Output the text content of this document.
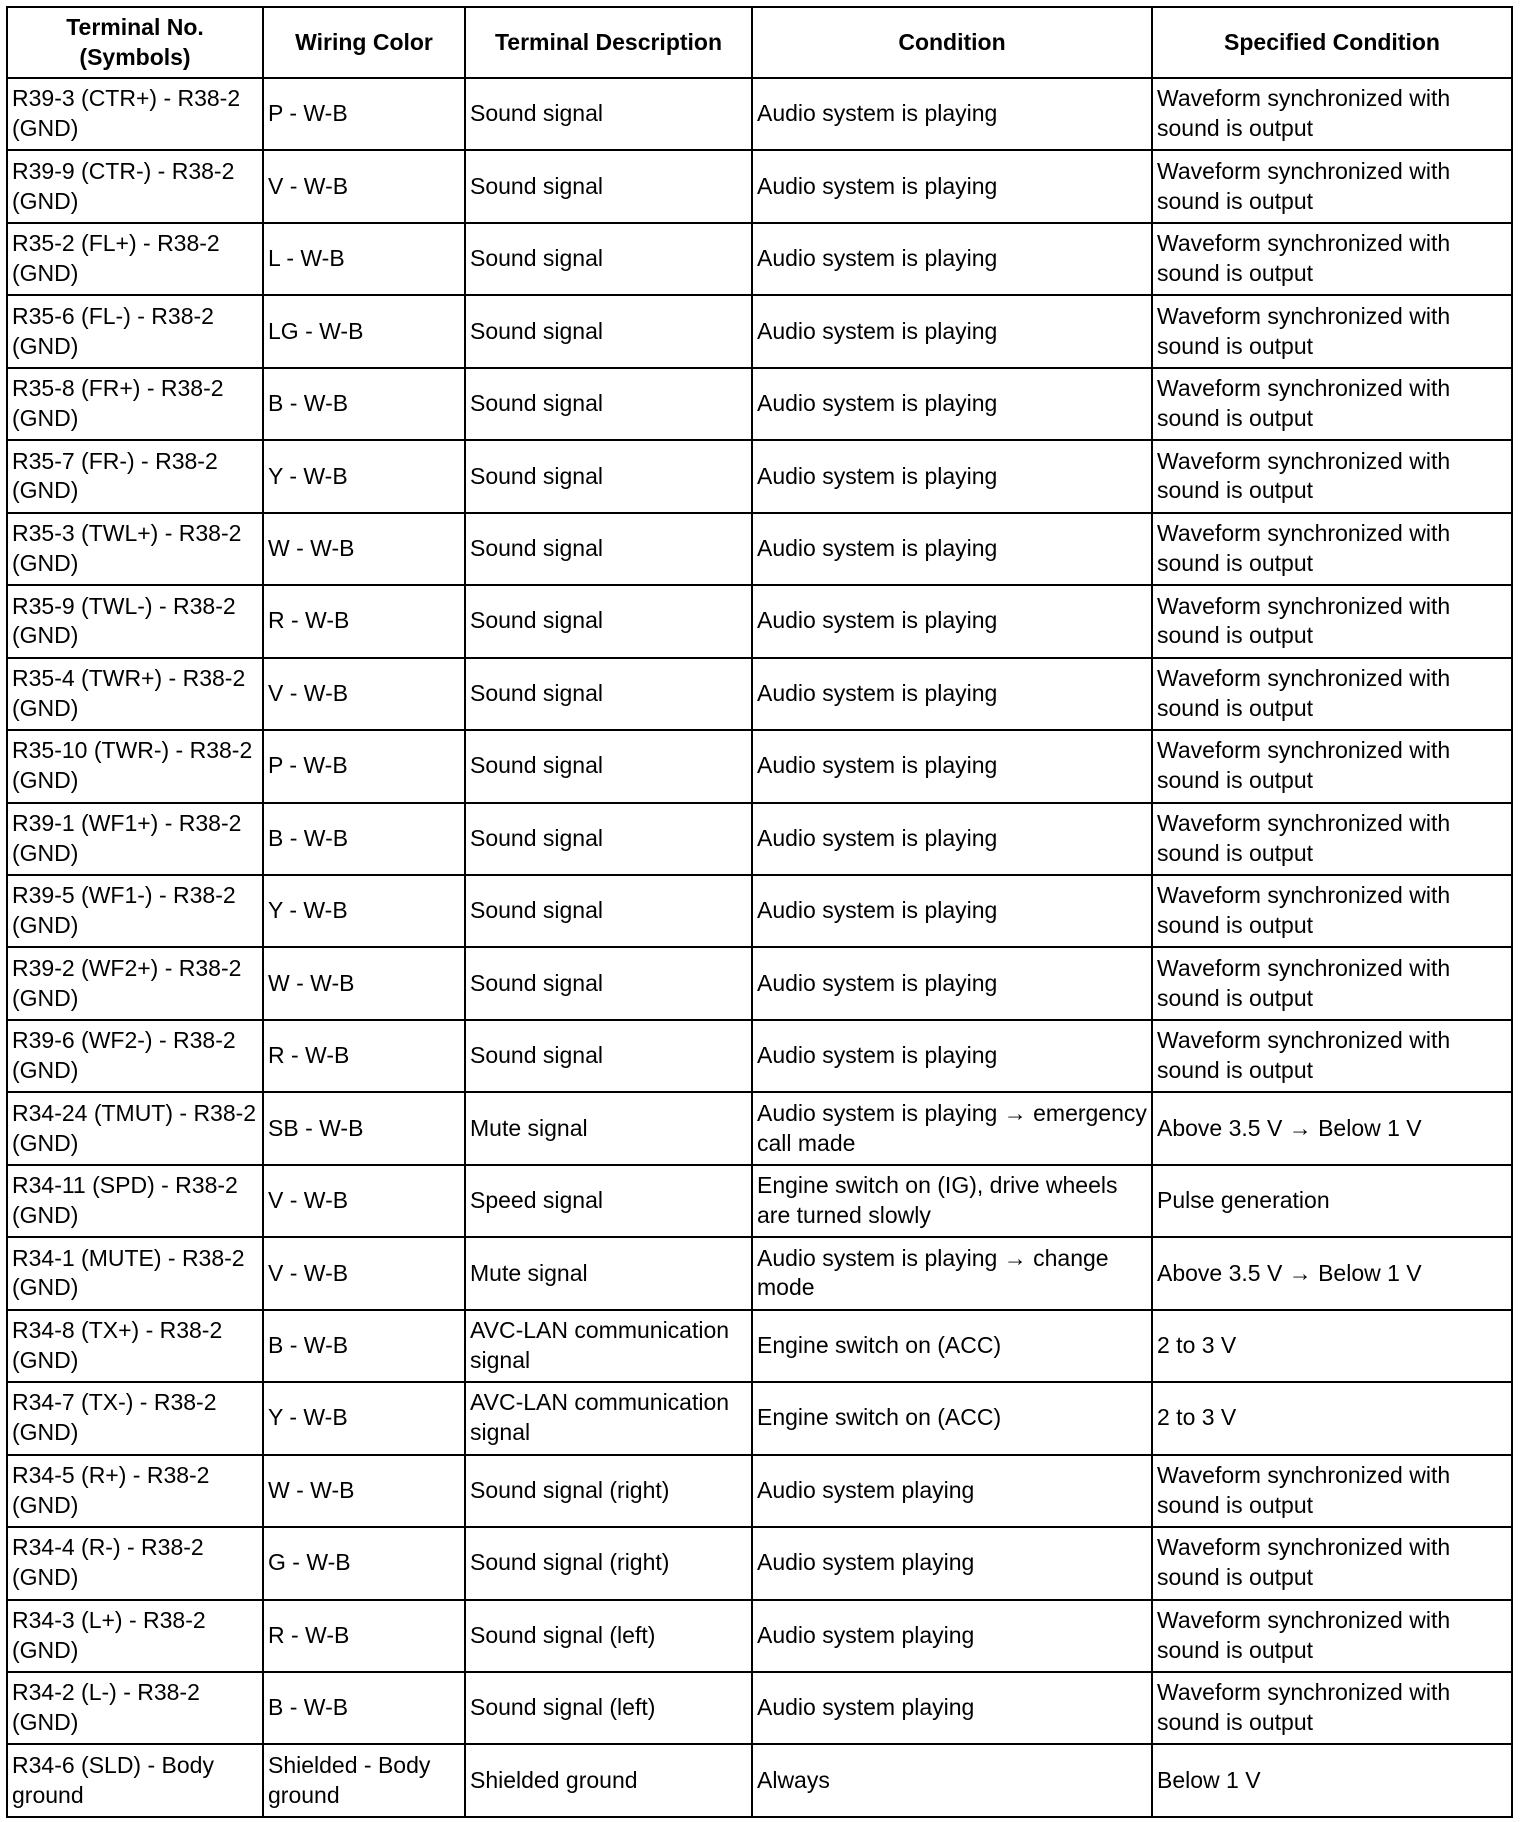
Terminal No.
(Symbols)	Wiring Color	Terminal Description	Condition	Specified Condition
R39-3 (CTR+) - R38-2 (GND)	P - W-B	Sound signal	Audio system is playing	Waveform synchronized with sound is output
R39-9 (CTR-) - R38-2 (GND)	V - W-B	Sound signal	Audio system is playing	Waveform synchronized with sound is output
R35-2 (FL+) - R38-2 (GND)	L - W-B	Sound signal	Audio system is playing	Waveform synchronized with sound is output
R35-6 (FL-) - R38-2 (GND)	LG - W-B	Sound signal	Audio system is playing	Waveform synchronized with sound is output
R35-8 (FR+) - R38-2 (GND)	B - W-B	Sound signal	Audio system is playing	Waveform synchronized with sound is output
R35-7 (FR-) - R38-2 (GND)	Y - W-B	Sound signal	Audio system is playing	Waveform synchronized with sound is output
R35-3 (TWL+) - R38-2 (GND)	W - W-B	Sound signal	Audio system is playing	Waveform synchronized with sound is output
R35-9 (TWL-) - R38-2 (GND)	R - W-B	Sound signal	Audio system is playing	Waveform synchronized with sound is output
R35-4 (TWR+) - R38-2 (GND)	V - W-B	Sound signal	Audio system is playing	Waveform synchronized with sound is output
R35-10 (TWR-) - R38-2 (GND)	P - W-B	Sound signal	Audio system is playing	Waveform synchronized with sound is output
R39-1 (WF1+) - R38-2 (GND)	B - W-B	Sound signal	Audio system is playing	Waveform synchronized with sound is output
R39-5 (WF1-) - R38-2 (GND)	Y - W-B	Sound signal	Audio system is playing	Waveform synchronized with sound is output
R39-2 (WF2+) - R38-2 (GND)	W - W-B	Sound signal	Audio system is playing	Waveform synchronized with sound is output
R39-6 (WF2-) - R38-2 (GND)	R - W-B	Sound signal	Audio system is playing	Waveform synchronized with sound is output
R34-24 (TMUT) - R38-2 (GND)	SB - W-B	Mute signal	Audio system is playing → emergency call made	Above 3.5 V → Below 1 V
R34-11 (SPD) - R38-2 (GND)	V - W-B	Speed signal	Engine switch on (IG), drive wheels are turned slowly	Pulse generation
R34-1 (MUTE) - R38-2 (GND)	V - W-B	Mute signal	Audio system is playing → change mode	Above 3.5 V → Below 1 V
R34-8 (TX+) - R38-2 (GND)	B - W-B	AVC-LAN communication signal	Engine switch on (ACC)	2 to 3 V
R34-7 (TX-) - R38-2 (GND)	Y - W-B	AVC-LAN communication signal	Engine switch on (ACC)	2 to 3 V
R34-5 (R+) - R38-2 (GND)	W - W-B	Sound signal (right)	Audio system playing	Waveform synchronized with sound is output
R34-4 (R-) - R38-2 (GND)	G - W-B	Sound signal (right)	Audio system playing	Waveform synchronized with sound is output
R34-3 (L+) - R38-2 (GND)	R - W-B	Sound signal (left)	Audio system playing	Waveform synchronized with sound is output
R34-2 (L-) - R38-2 (GND)	B - W-B	Sound signal (left)	Audio system playing	Waveform synchronized with sound is output
R34-6 (SLD) - Body ground	Shielded - Body ground	Shielded ground	Always	Below 1 V
